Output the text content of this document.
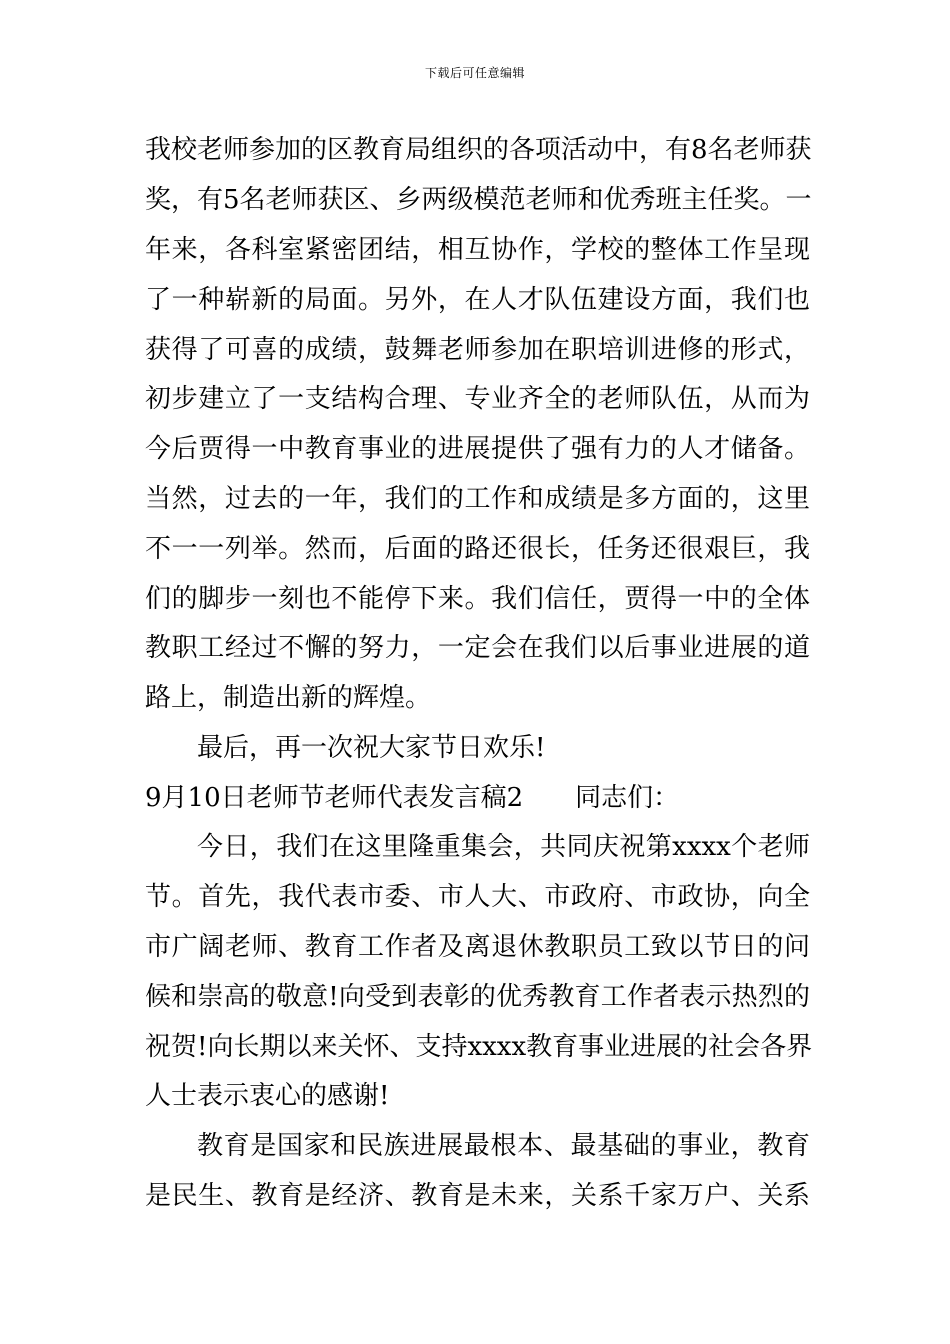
下载后可任意编辑
我校老师参加的区教育局组织的各项活动中，有8名老师获
奖，有5名老师获区、乡两级模范老师和优秀班主任奖。一
年来，各科室紧密团结，相互协作，学校的整体工作呈现
了一种崭新的局面。另外，在人才队伍建设方面，我们也
获得了可喜的成绩，鼓舞老师参加在职培训进修的形式，
初步建立了一支结构合理、专业齐全的老师队伍，从而为
今后贾得一中教育事业的进展提供了强有力的人才储备。
当然，过去的一年，我们的工作和成绩是多方面的，这里
不一一列举。然而，后面的路还很长，任务还很艰巨，我
们的脚步一刻也不能停下来。我们信任，贾得一中的全体
教职工经过不懈的努力，一定会在我们以后事业进展的道
路上，制造出新的辉煌。
最后，再一次祝大家节日欢乐!
9月10日老师节老师代表发言稿2　　同志们：
今日，我们在这里隆重集会，共同庆祝第xxxx个老师
节。首先，我代表市委、市人大、市政府、市政协，向全
市广阔老师、教育工作者及离退休教职员工致以节日的问
候和崇高的敬意!向受到表彰的优秀教育工作者表示热烈的
祝贺!向长期以来关怀、支持xxxx教育事业进展的社会各界
人士表示衷心的感谢!
教育是国家和民族进展最根本、最基础的事业，教育
是民生、教育是经济、教育是未来，关系千家万户、关系
